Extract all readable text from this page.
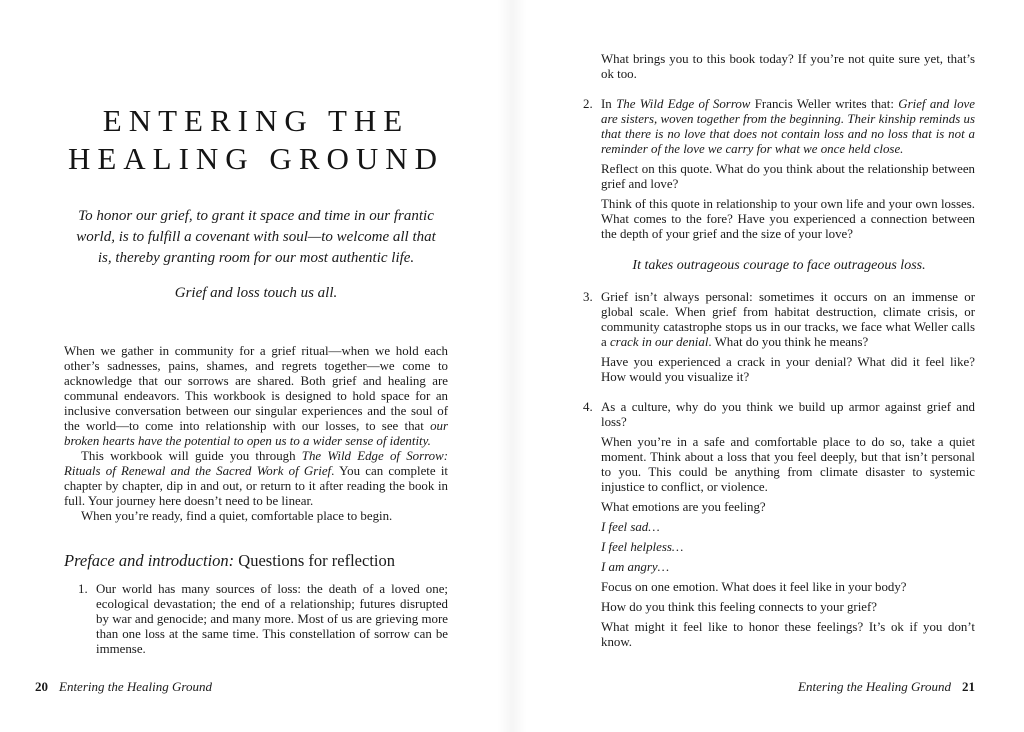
ENTERING THE
HEALING GROUND

To honor our grief, to grant it space and time in our frantic world, is to fulfill a covenant with soul—to welcome all that is, thereby granting room for our most authentic life.

Grief and loss touch us all.

When we gather in community for a grief ritual—when we hold each other’s sadnesses, pains, shames, and regrets together—we come to acknowledge that our sorrows are shared. Both grief and healing are communal endeavors. This workbook is designed to hold space for an inclusive conversation between our singular experiences and the soul of the world—to come into relationship with our losses, to see that our broken hearts have the potential to open us to a wider sense of identity.

This workbook will guide you through The Wild Edge of Sorrow: Rituals of Renewal and the Sacred Work of Grief. You can complete it chapter by chapter, dip in and out, or return to it after reading the book in full. Your journey here doesn’t need to be linear.

When you’re ready, find a quiet, comfortable place to begin.

Preface and introduction: Questions for reflection
1. Our world has many sources of loss: the death of a loved one; ecological devastation; the end of a relationship; futures disrupted by war and genocide; and many more. Most of us are grieving more than one loss at the same time. This constellation of sorrow can be immense.

20 Entering the Healing Ground

What brings you to this book today? If you’re not quite sure yet, that’s ok too.

2. In The Wild Edge of Sorrow Francis Weller writes that: Grief and love are sisters, woven together from the beginning. Their kinship reminds us that there is no love that does not contain loss and no loss that is not a reminder of the love we carry for what we once held close.

Reflect on this quote. What do you think about the relationship between grief and love?

Think of this quote in relationship to your own life and your own losses. What comes to the fore? Have you experienced a connection between the depth of your grief and the size of your love?

It takes outrageous courage to face outrageous loss.

3. Grief isn’t always personal: sometimes it occurs on an immense or global scale. When grief from habitat destruction, climate crisis, or community catastrophe stops us in our tracks, we face what Weller calls a crack in our denial. What do you think he means?

Have you experienced a crack in your denial? What did it feel like? How would you visualize it?

4. As a culture, why do you think we build up armor against grief and loss?

When you’re in a safe and comfortable place to do so, take a quiet moment. Think about a loss that you feel deeply, but that isn’t personal to you. This could be anything from climate disaster to systemic injustice to conflict, or violence.

What emotions are you feeling?

I feel sad…

I feel helpless…

I am angry…

Focus on one emotion. What does it feel like in your body?

How do you think this feeling connects to your grief?

What might it feel like to honor these feelings? It’s ok if you don’t know.

Entering the Healing Ground 21
